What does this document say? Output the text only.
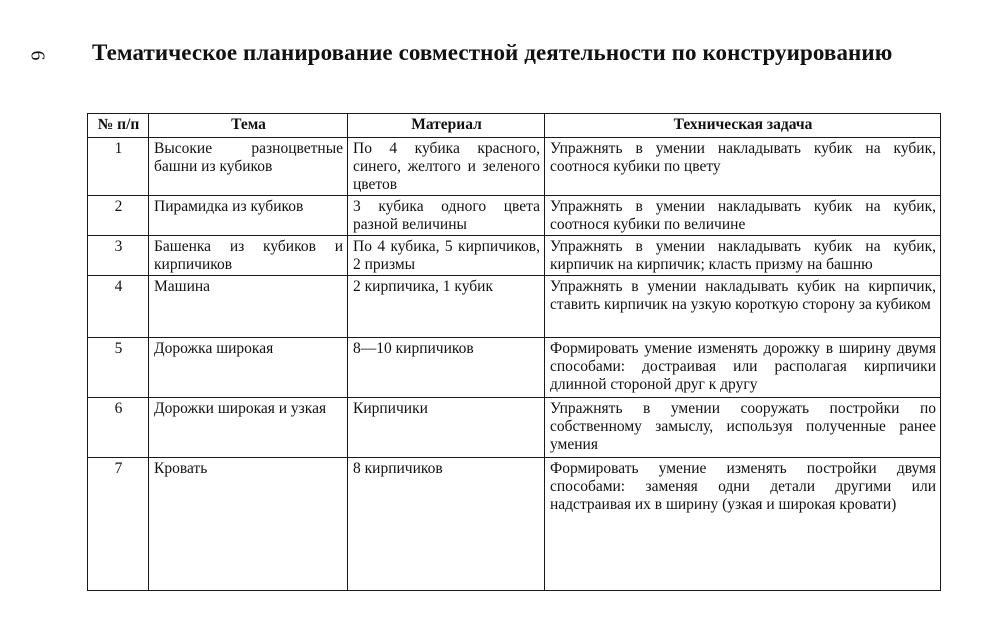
6 Тематическое планирование совместной деятельности по конструированию
№ п/п	Тема	Материал	Техническая задача
1	Высокие разноцветные башни из кубиков	По 4 кубика красного, синего, желтого и зеленого цветов	Упражнять в умении накладывать кубик на кубик, соотнося кубики по цвету
2	Пирамидка из кубиков	3 кубика одного цвета разной величины	Упражнять в умении накладывать кубик на кубик, соотнося кубики по величине
3	Башенка из кубиков и кирпичиков	По 4 кубика, 5 кирпичиков, 2 призмы	Упражнять в умении накладывать кубик на кубик, кирпичик на кирпичик; класть призму на башню
4	Машина	2 кирпичика, 1 кубик	Упражнять в умении накладывать кубик на кирпичик, ставить кирпичик на узкую короткую сторону за кубиком
5	Дорожка широкая	8—10 кирпичиков	Формировать умение изменять дорожку в ширину двумя способами: достраивая или располагая кирпичики длинной стороной друг к другу
6	Дорожки широкая и узкая	Кирпичики	Упражнять в умении сооружать постройки по собственному замыслу, используя полученные ранее умения
7	Кровать	8 кирпичиков	Формировать умение изменять постройки двумя способами: заменяя одни детали другими или надстраивая их в ширину (узкая и широкая кровати)
